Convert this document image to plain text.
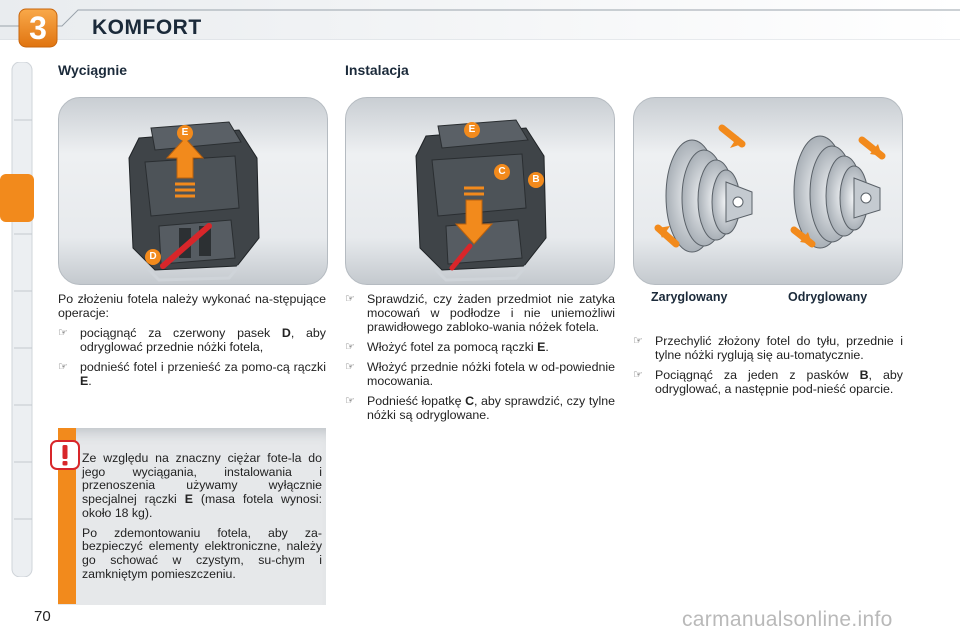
3	KOMFORT
Wyciągnie	Instalacja
E
D
E
C
B
Zaryglowany	Odryglowany

Po złożeniu fotela należy wykonać na-stępujące operacje:

☞ pociągnąć za czerwony pasek D, aby odryglować przednie nóżki fotela,
☞ podnieść fotel i przenieść za pomo-cą rączki E.
☞ Sprawdzić, czy żaden przedmiot nie zatyka mocowań w podłodze i nie uniemożliwi prawidłowego zabloko-wania nóżek fotela.
☞ Włożyć fotel za pomocą rączki E.
☞ Włożyć przednie nóżki fotela w od-powiednie mocowania.
☞ Podnieść łopatkę C, aby sprawdzić, czy tylne nóżki są odryglowane.
☞ Przechylić złożony fotel do tyłu, przednie i tylne nóżki ryglują się au-tomatycznie.
☞ Pociągnąć za jeden z pasków B, aby odryglować, a następnie pod-nieść oparcie.

Ze względu na znaczny ciężar fote-la do jego wyciągania, instalowania i przenoszenia używamy wyłącznie specjalnej rączki E (masa fotela wynosi: około 18 kg).

Po zdemontowaniu fotela, aby za-bezpieczyć elementy elektroniczne, należy go schować w czystym, su-chym i zamkniętym pomieszczeniu.

70	carmanualsonline.info
